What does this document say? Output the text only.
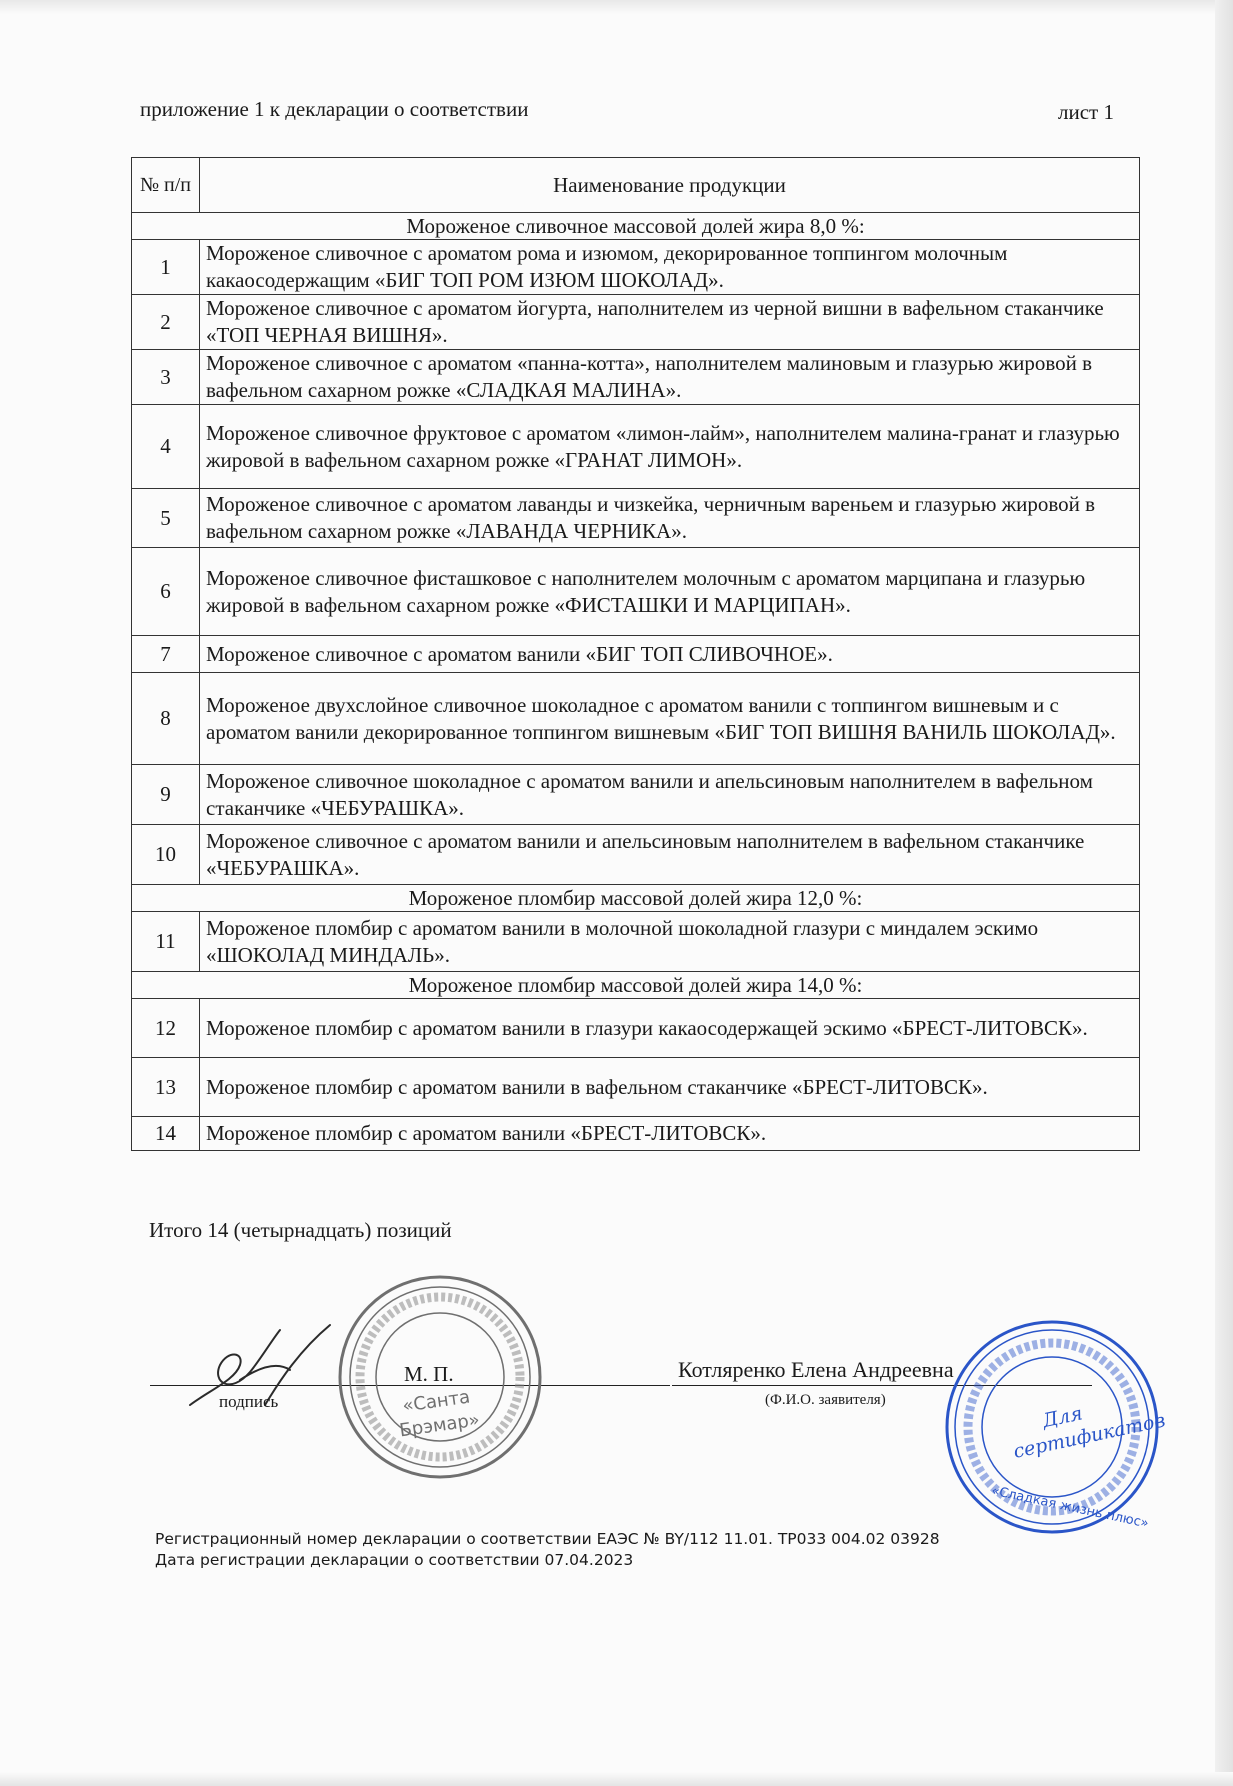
приложение 1 к декларации о соответствии	лист 1
№ п/п	Наименование продукции
Мороженое сливочное массовой долей жира 8,0 %:	
1	Мороженое сливочное с ароматом рома и изюмом, декорированное топпингом молочным какаосодержащим «БИГ ТОП РОМ ИЗЮМ ШОКОЛАД».
2	Мороженое сливочное с ароматом йогурта, наполнителем из черной вишни в вафельном стаканчике «ТОП ЧЕРНАЯ ВИШНЯ».
3	Мороженое сливочное с ароматом «панна-котта», наполнителем малиновым и глазурью жировой в вафельном сахарном рожке «СЛАДКАЯ МАЛИНА».
4	Мороженое сливочное фруктовое с ароматом «лимон-лайм», наполнителем малина-гранат и глазурью жировой в вафельном сахарном рожке «ГРАНАТ ЛИМОН».
5	Мороженое сливочное с ароматом лаванды и чизкейка, черничным вареньем и глазурью жировой в вафельном сахарном рожке «ЛАВАНДА ЧЕРНИКА».
6	Мороженое сливочное фисташковое с наполнителем молочным с ароматом марципана и глазурью жировой в вафельном сахарном рожке «ФИСТАШКИ И МАРЦИПАН».
7	Мороженое сливочное с ароматом ванили «БИГ ТОП СЛИВОЧНОЕ».
8	Мороженое двухслойное сливочное шоколадное с ароматом ванили с топпингом вишневым и с ароматом ванили декорированное топпингом вишневым «БИГ ТОП ВИШНЯ ВАНИЛЬ ШОКОЛАД».
9	Мороженое сливочное шоколадное с ароматом ванили и апельсиновым наполнителем в вафельном стаканчике «ЧЕБУРАШКА».
10	Мороженое сливочное с ароматом ванили и апельсиновым наполнителем в вафельном стаканчике «ЧЕБУРАШКА».
Мороженое пломбир массовой долей жира 12,0 %:	
11	Мороженое пломбир с ароматом ванили в молочной шоколадной глазури с миндалем эскимо «ШОКОЛАД МИНДАЛЬ».
Мороженое пломбир массовой долей жира 14,0 %:	
12	Мороженое пломбир с ароматом ванили в глазури какаосодержащей эскимо «БРЕСТ-ЛИТОВСК».
13	Мороженое пломбир с ароматом ванили в вафельном стаканчике «БРЕСТ-ЛИТОВСК».
14	Мороженое пломбир с ароматом ванили «БРЕСТ-ЛИТОВСК».
Итого 14 (четырнадцать) позиций
подпись
М. П.
«Санта Брэмар»
Котляренко Елена Андреевна
(Ф.И.О. заявителя)
Для сертификатов
«Сладкая жизнь плюс»
Регистрационный номер декларации о соответствии ЕАЭС № BY/112 11.01. ТР033 004.02 03928
Дата регистрации декларации о соответствии 07.04.2023
